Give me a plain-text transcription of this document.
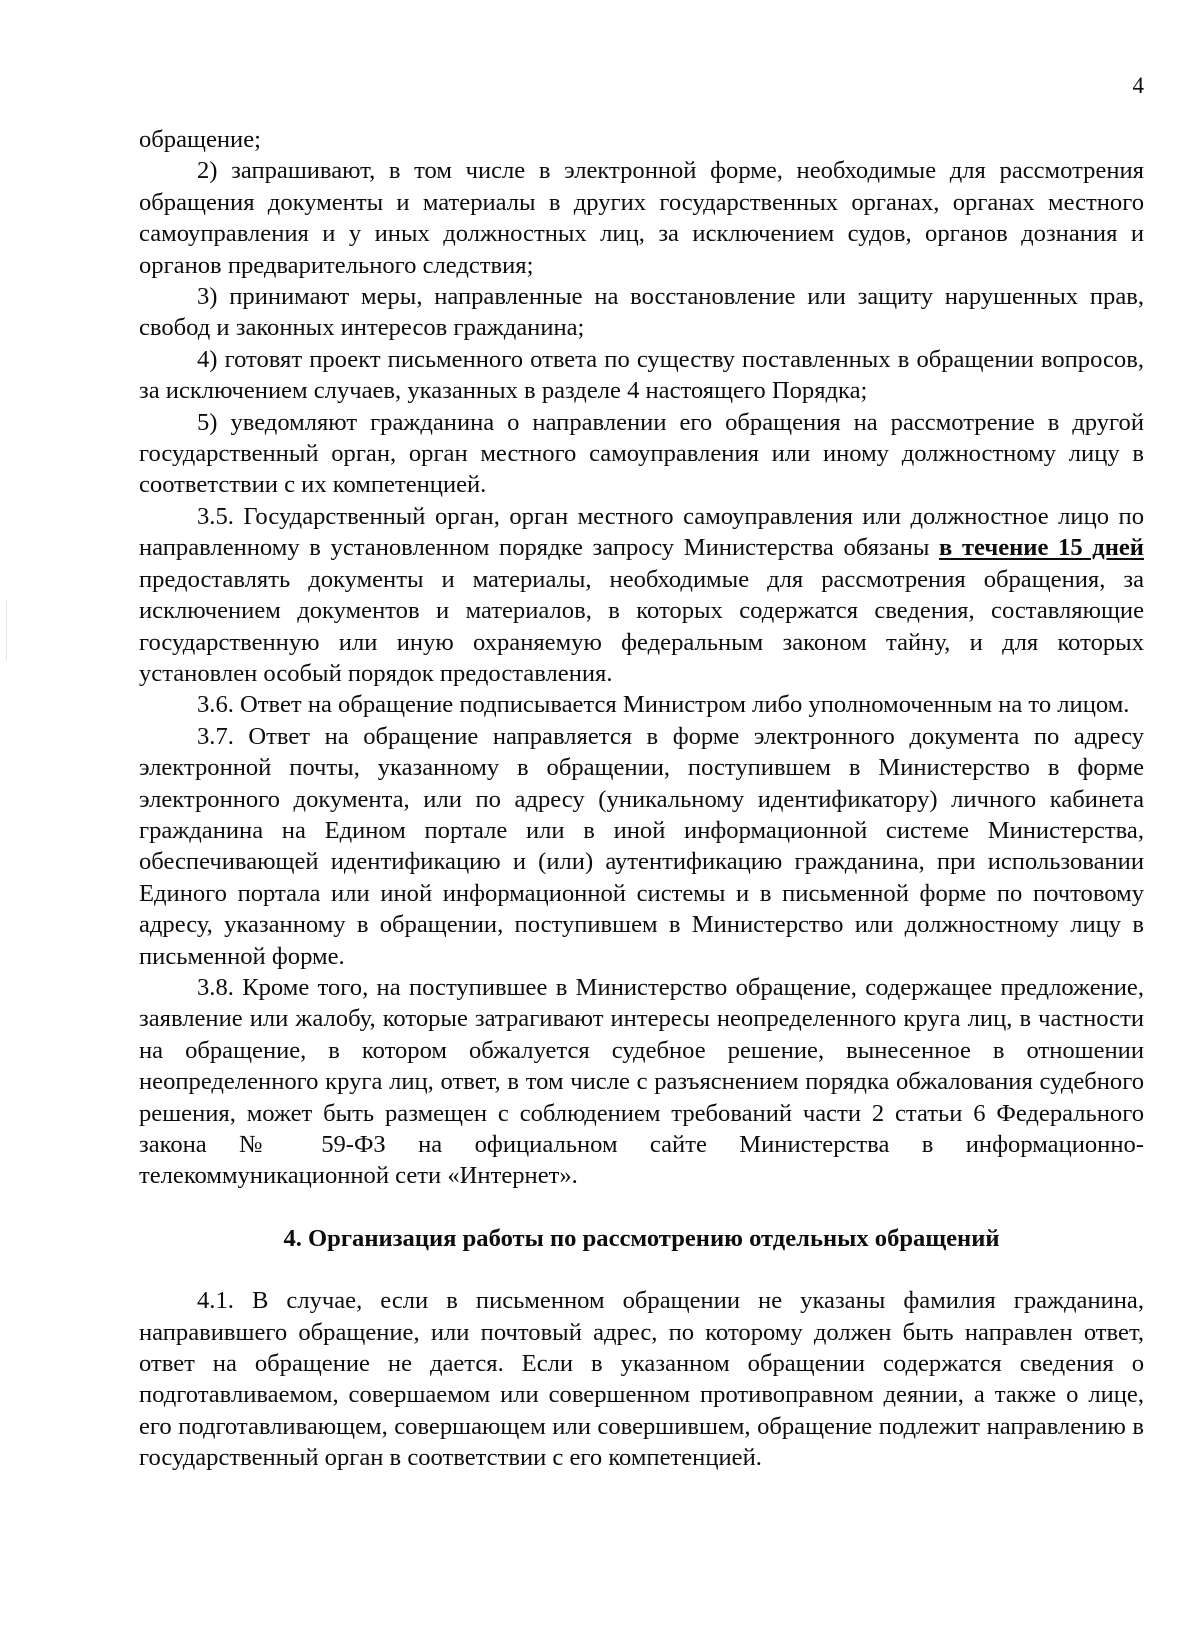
4

обращение;

2) запрашивают, в том числе в электронной форме, необходимые для рассмотрения обращения документы и материалы в других государственных органах, органах местного самоуправления и у иных должностных лиц, за исключением судов, органов дознания и органов предварительного следствия;

3) принимают меры, направленные на восстановление или защиту нарушенных прав, свобод и законных интересов гражданина;

4) готовят проект письменного ответа по существу поставленных в обращении вопросов, за исключением случаев, указанных в разделе 4 настоящего Порядка;

5) уведомляют гражданина о направлении его обращения на рассмотрение в другой государственный орган, орган местного самоуправления или иному должностному лицу в соответствии с их компетенцией.

3.5. Государственный орган, орган местного самоуправления или должностное лицо по направленному в установленном порядке запросу Министерства обязаны в течение 15 дней предоставлять документы и материалы, необходимые для рассмотрения обращения, за исключением документов и материалов, в которых содержатся сведения, составляющие государственную или иную охраняемую федеральным законом тайну, и для которых установлен особый порядок предоставления.

3.6. Ответ на обращение подписывается Министром либо уполномоченным на то лицом.

3.7. Ответ на обращение направляется в форме электронного документа по адресу электронной почты, указанному в обращении, поступившем в Министерство в форме электронного документа, или по адресу (уникальному идентификатору) личного кабинета гражданина на Едином портале или в иной информационной системе Министерства, обеспечивающей идентификацию и (или) аутентификацию гражданина, при использовании Единого портала или иной информационной системы и в письменной форме по почтовому адресу, указанному в обращении, поступившем в Министерство или должностному лицу в письменной форме.

3.8. Кроме того, на поступившее в Министерство обращение, содержащее предложение, заявление или жалобу, которые затрагивают интересы неопределенного круга лиц, в частности на обращение, в котором обжалуется судебное решение, вынесенное в отношении неопределенного круга лиц, ответ, в том числе с разъяснением порядка обжалования судебного решения, может быть размещен с соблюдением требований части 2 статьи 6 Федерального закона № 59-ФЗ на официальном сайте Министерства в информационно-телекоммуникационной сети «Интернет».

4. Организация работы по рассмотрению отдельных обращений

4.1. В случае, если в письменном обращении не указаны фамилия гражданина, направившего обращение, или почтовый адрес, по которому должен быть направлен ответ, ответ на обращение не дается. Если в указанном обращении содержатся сведения о подготавливаемом, совершаемом или совершенном противоправном деянии, а также о лице, его подготавливающем, совершающем или совершившем, обращение подлежит направлению в государственный орган в соответствии с его компетенцией.
